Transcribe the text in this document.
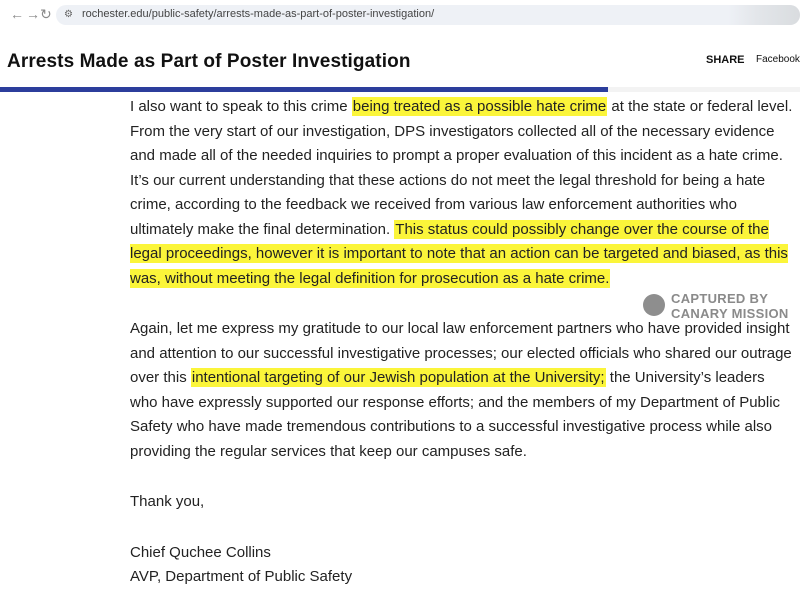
← → ↻ ⚙ rochester.edu/public-safety/arrests-made-as-part-of-poster-investigation/
Arrests Made as Part of Poster Investigation	SHARE Facebook

I also want to speak to this crime being treated as a possible hate crime at the state or federal level. From the very start of our investigation, DPS investigators collected all of the necessary evidence and made all of the needed inquiries to prompt a proper evaluation of this incident as a hate crime. It’s our current understanding that these actions do not meet the legal threshold for being a hate crime, according to the feedback we received from various law enforcement authorities who ultimately make the final determination. This status could possibly change over the course of the legal proceedings, however it is important to note that an action can be targeted and biased, as this was, without meeting the legal definition for prosecution as a hate crime.

Again, let me express my gratitude to our local law enforcement partners who have provided insight and attention to our successful investigative processes; our elected officials who shared our outrage over this intentional targeting of our Jewish population at the University; the University’s leaders who have expressly supported our response efforts; and the members of my Department of Public Safety who have made tremendous contributions to a successful investigative process while also providing the regular services that keep our campuses safe.

Thank you,

Chief Quchee Collins
AVP, Department of Public Safety
CAPTURED BY
CANARY MISSION
